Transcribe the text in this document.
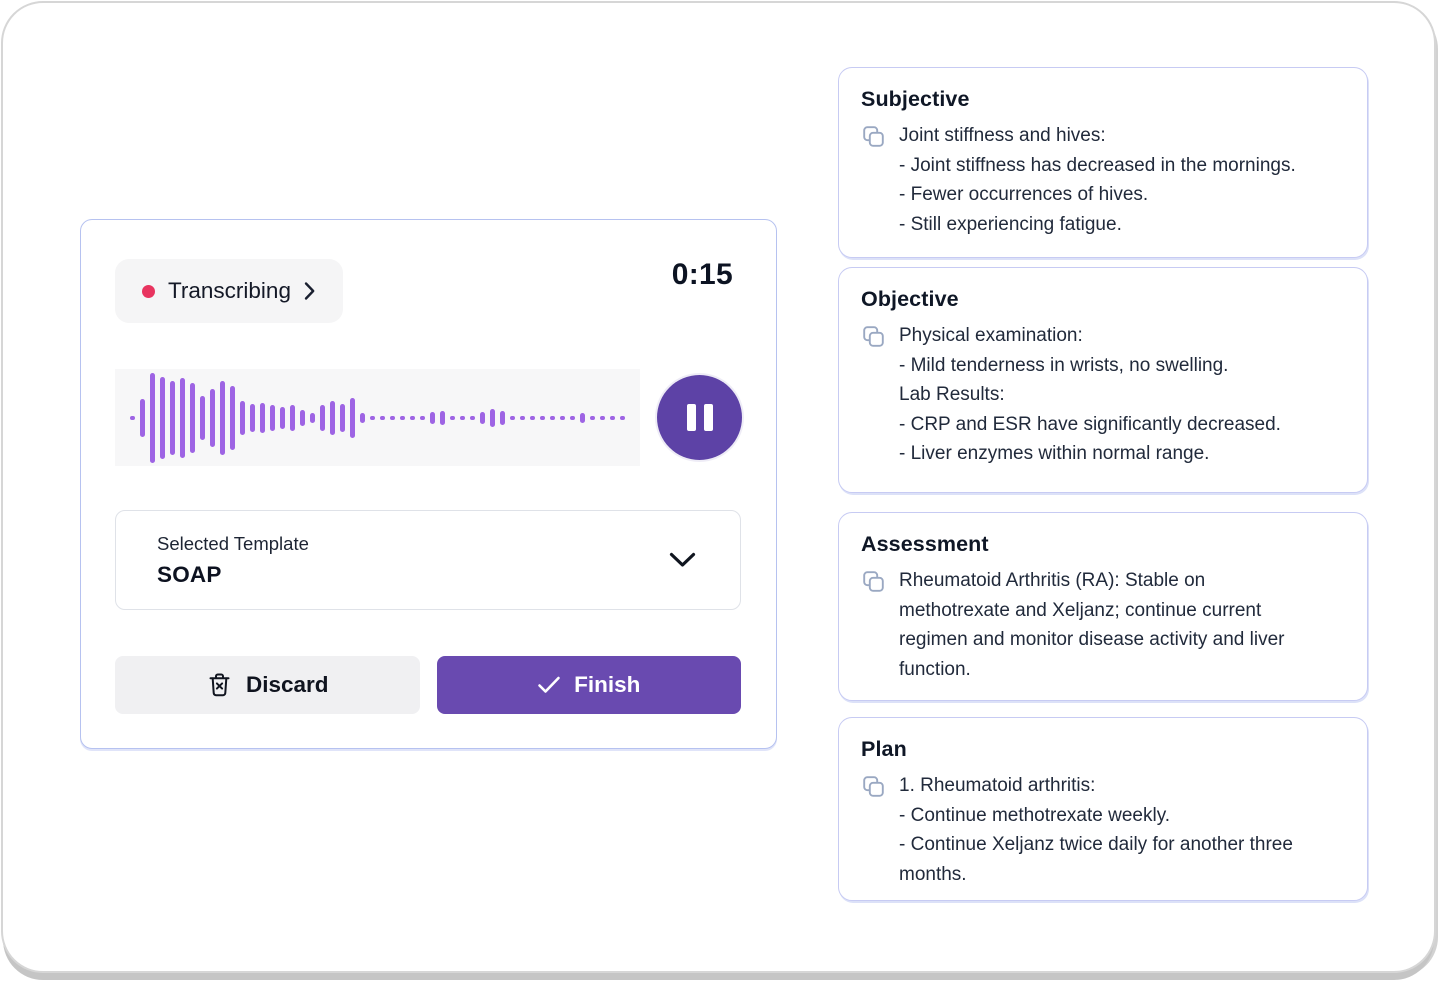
Transcribing	0:15
Selected Template
SOAP
Discard	Finish
Subjective
Joint stiffness and hives:
- Joint stiffness has decreased in the mornings.
- Fewer occurrences of hives.
- Still experiencing fatigue.
Objective
Physical examination:
- Mild tenderness in wrists, no swelling.
Lab Results:
- CRP and ESR have significantly decreased.
- Liver enzymes within normal range.
Assessment
Rheumatoid Arthritis (RA): Stable on methotrexate and Xeljanz; continue current regimen and monitor disease activity and liver function.
Plan
1. Rheumatoid arthritis:
- Continue methotrexate weekly.
- Continue Xeljanz twice daily for another three months.
